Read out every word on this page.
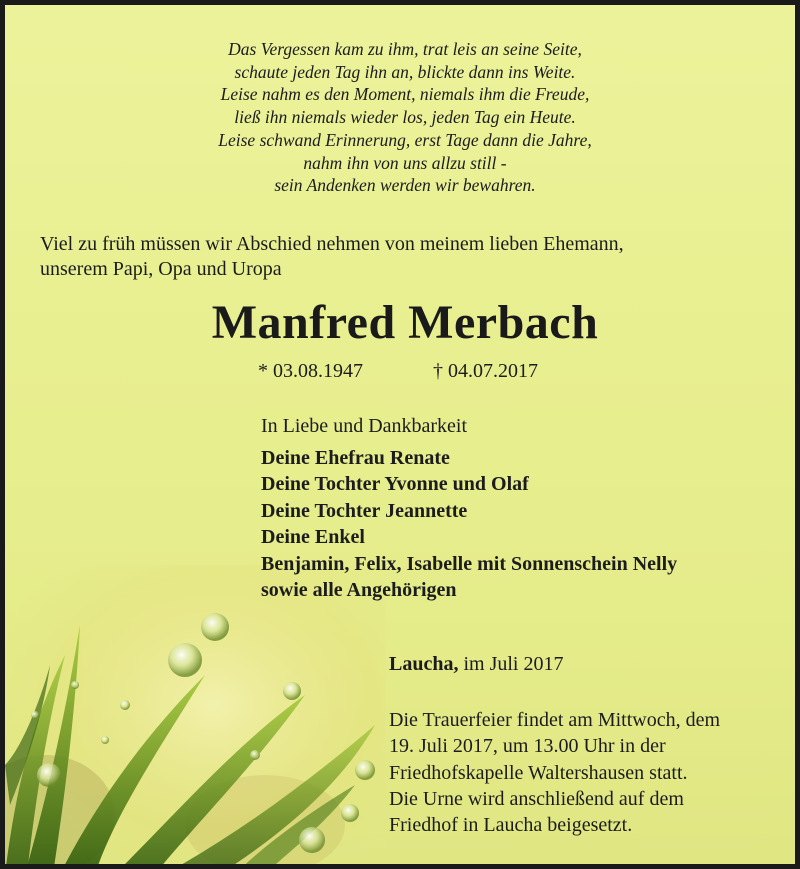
Das Vergessen kam zu ihm, trat leis an seine Seite,
schaute jeden Tag ihn an, blickte dann ins Weite.
Leise nahm es den Moment, niemals ihm die Freude,
ließ ihn niemals wieder los, jeden Tag ein Heute.
Leise schwand Erinnerung, erst Tage dann die Jahre,
nahm ihn von uns allzu still -
sein Andenken werden wir bewahren.
Viel zu früh müssen wir Abschied nehmen von meinem lieben Ehemann,
unserem Papi, Opa und Uropa
Manfred Merbach
* 03.08.1947	† 04.07.2017
In Liebe und Dankbarkeit
Deine Ehefrau Renate
Deine Tochter Yvonne und Olaf
Deine Tochter Jeannette
Deine Enkel
Benjamin, Felix, Isabelle mit Sonnenschein Nelly
sowie alle Angehörigen
Laucha, im Juli 2017
Die Trauerfeier findet am Mittwoch, dem
19. Juli 2017, um 13.00 Uhr in der
Friedhofskapelle Waltershausen statt.
Die Urne wird anschließend auf dem
Friedhof in Laucha beigesetzt.
